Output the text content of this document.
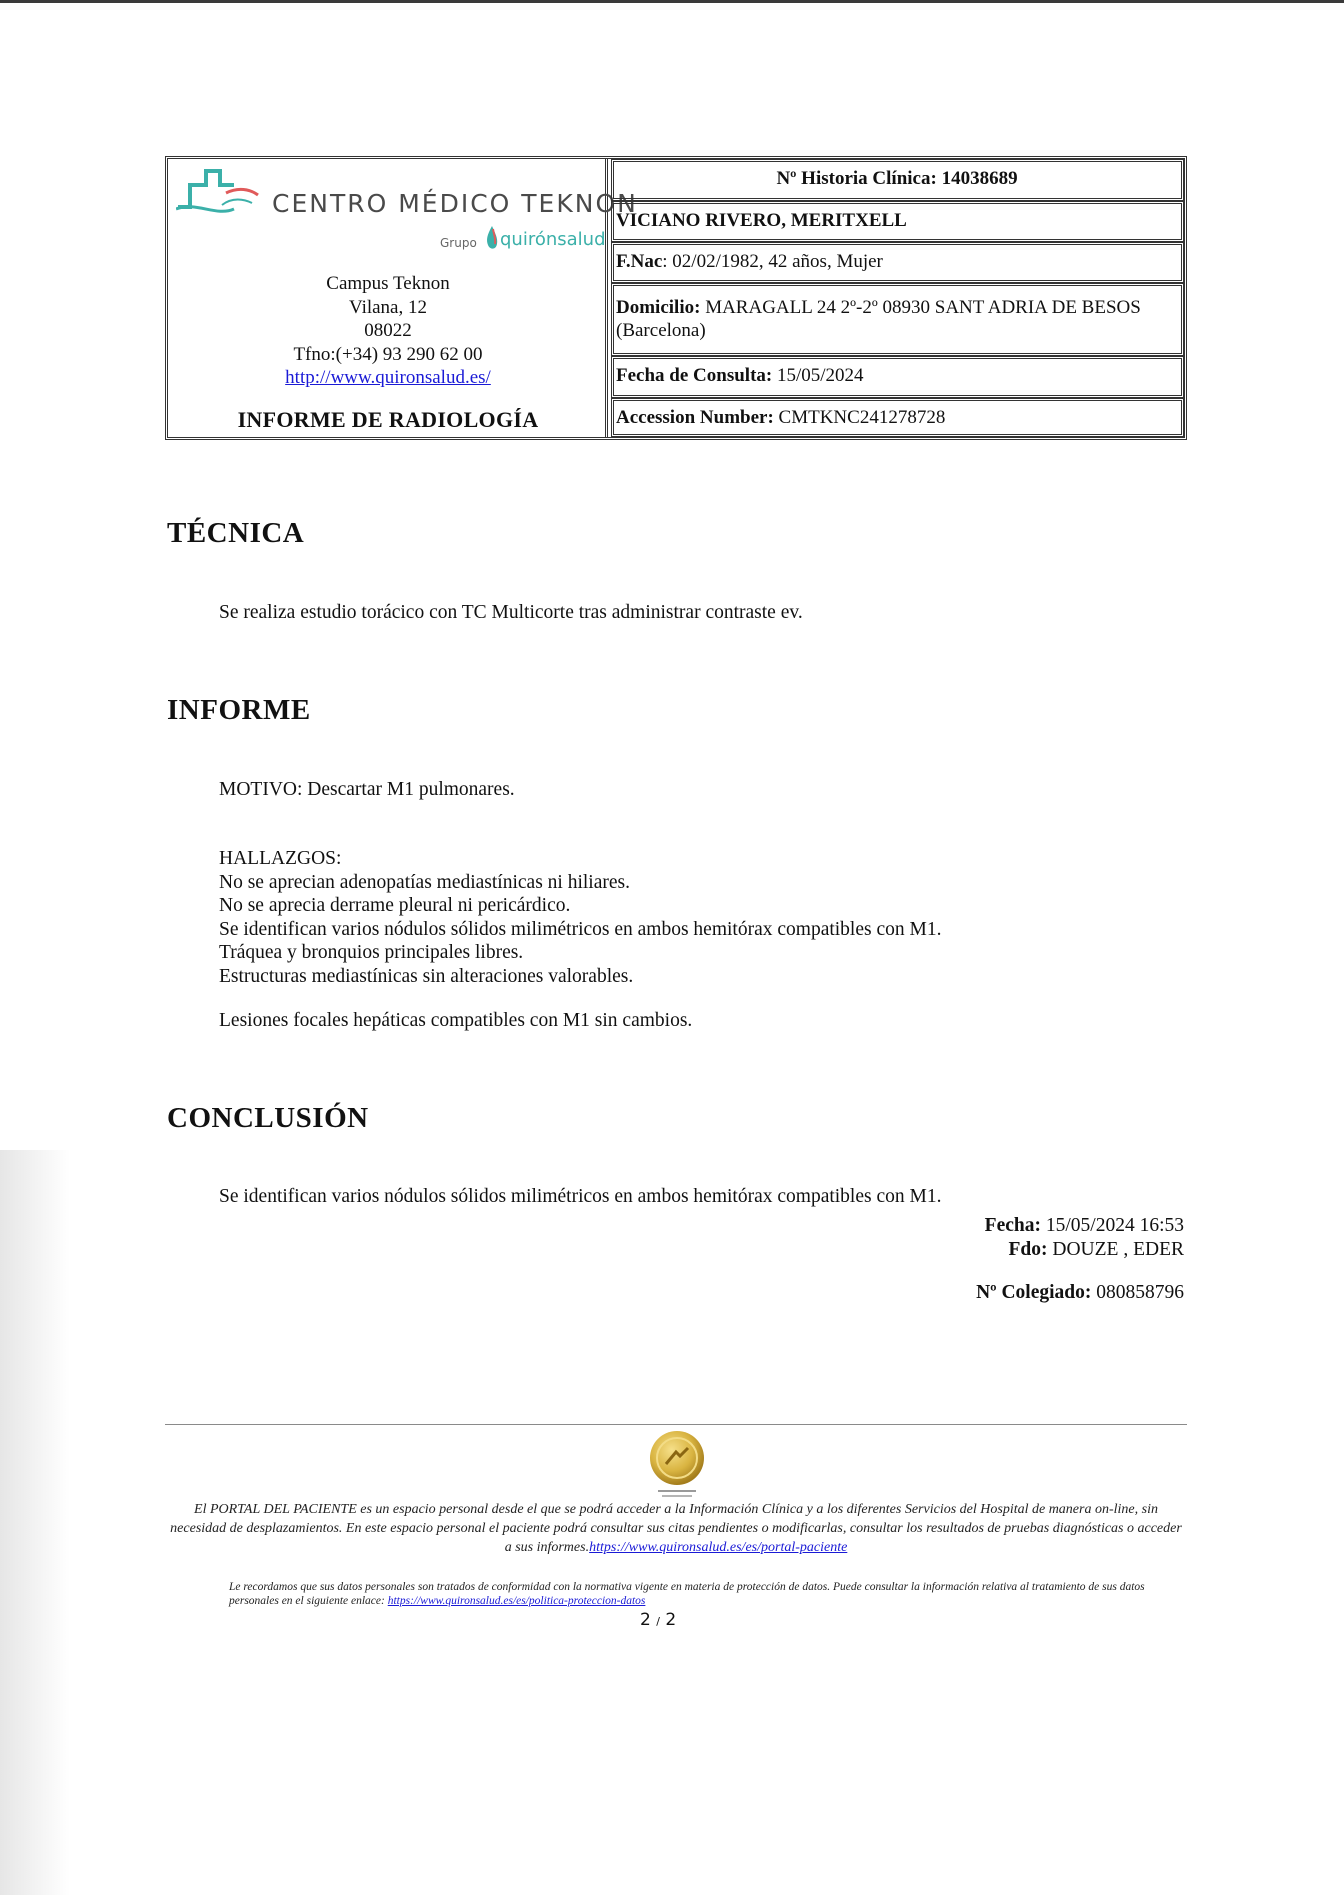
CENTRO MÉDICO TEKNON
Grupo quirónsalud
Campus Teknon
Vilana, 12
08022
Tfno:(+34) 93 290 62 00
http://www.quironsalud.es/
INFORME DE RADIOLOGÍA
Nº Historia Clínica: 14038689
VICIANO RIVERO, MERITXELL
F.Nac: 02/02/1982, 42 años, Mujer
Domicilio: MARAGALL 24 2º-2º 08930 SANT ADRIA DE BESOS (Barcelona)
Fecha de Consulta: 15/05/2024
Accession Number: CMTKNC241278728
TÉCNICA
Se realiza estudio torácico con TC Multicorte tras administrar contraste ev.
INFORME
MOTIVO: Descartar M1 pulmonares.
HALLAZGOS:
No se aprecian adenopatías mediastínicas ni hiliares.
No se aprecia derrame pleural ni pericárdico.
Se identifican varios nódulos sólidos milimétricos en ambos hemitórax compatibles con M1.
Tráquea y bronquios principales libres.
Estructuras mediastínicas sin alteraciones valorables.
Lesiones focales hepáticas compatibles con M1 sin cambios.
CONCLUSIÓN
Se identifican varios nódulos sólidos milimétricos en ambos hemitórax compatibles con M1.
Fecha: 15/05/2024 16:53
Fdo: DOUZE , EDER
Nº Colegiado: 080858796
El PORTAL DEL PACIENTE es un espacio personal desde el que se podrá acceder a la Información Clínica y a los diferentes Servicios del Hospital de manera on-line, sin necesidad de desplazamientos. En este espacio personal el paciente podrá consultar sus citas pendientes o modificarlas, consultar los resultados de pruebas diagnósticas o acceder a sus informes.https://www.quironsalud.es/es/portal-paciente
Le recordamos que sus datos personales son tratados de conformidad con la normativa vigente en materia de protección de datos. Puede consultar la información relativa al tratamiento de sus datos personales en el siguiente enlace: https://www.quironsalud.es/es/politica-proteccion-datos
2 / 2
